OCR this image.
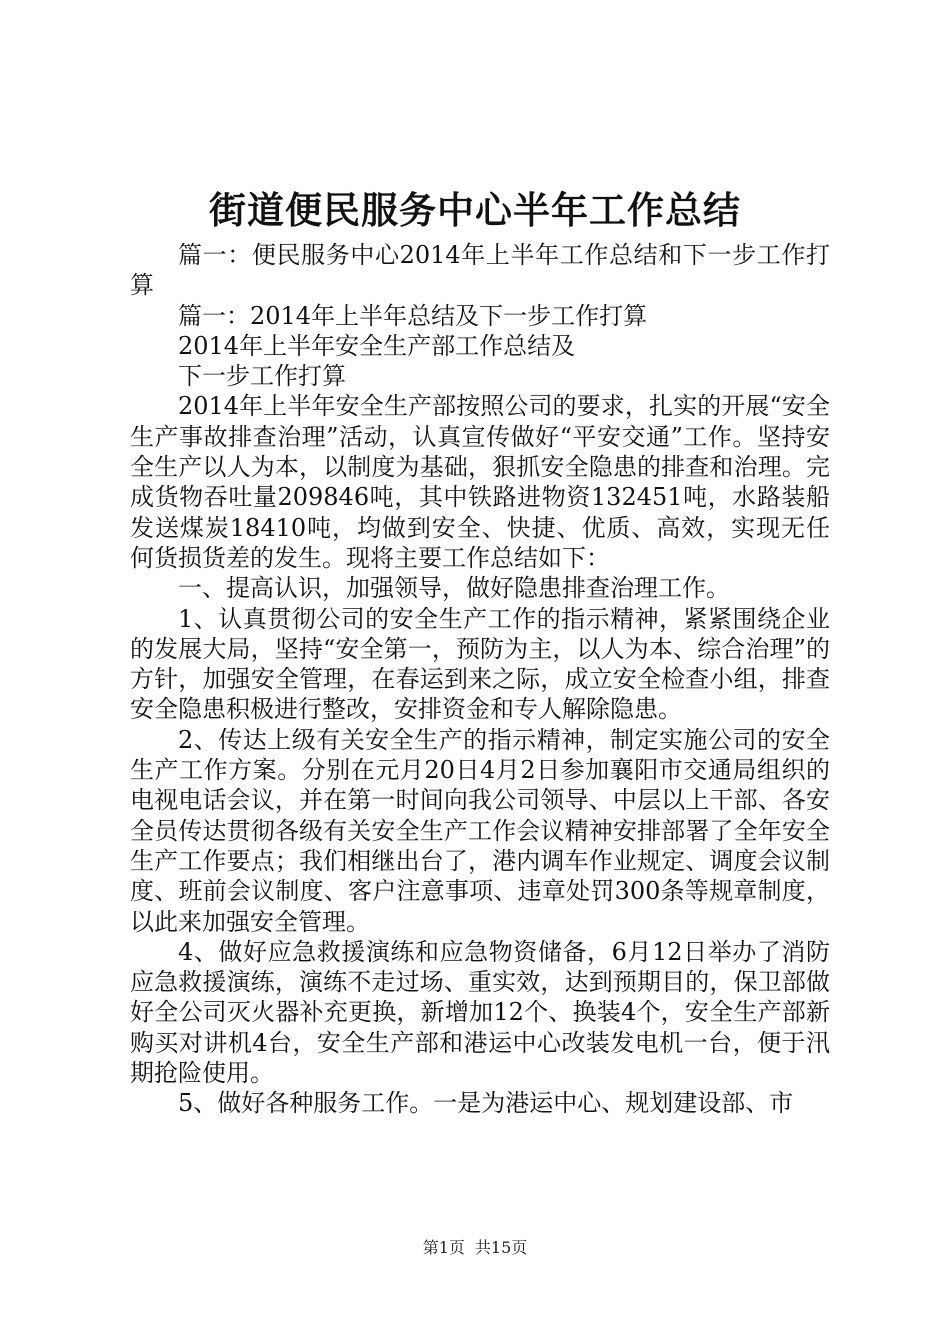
街道便民服务中心半年工作总结

篇一：便民服务中心2014年上半年工作总结和下一步工作打算

篇一：2014年上半年总结及下一步工作打算

2014年上半年安全生产部工作总结及

下一步工作打算

2014年上半年安全生产部按照公司的要求，扎实的开展“安全生产事故排查治理”活动，认真宣传做好“平安交通”工作。坚持安全生产以人为本，以制度为基础，狠抓安全隐患的排查和治理。完成货物吞吐量209846吨，其中铁路进物资132451吨，水路装船发送煤炭18410吨，均做到安全、快捷、优质、高效，实现无任何货损货差的发生。现将主要工作总结如下：

一、提高认识，加强领导，做好隐患排查治理工作。

1、认真贯彻公司的安全生产工作的指示精神，紧紧围绕企业的发展大局，坚持“安全第一，预防为主，以人为本、综合治理”的方针，加强安全管理，在春运到来之际，成立安全检查小组，排查安全隐患积极进行整改，安排资金和专人解除隐患。

2、传达上级有关安全生产的指示精神，制定实施公司的安全生产工作方案。分别在元月20日4月2日参加襄阳市交通局组织的电视电话会议，并在第一时间向我公司领导、中层以上干部、各安全员传达贯彻各级有关安全生产工作会议精神安排部署了全年安全生产工作要点；我们相继出台了，港内调车作业规定、调度会议制度、班前会议制度、客户注意事项、违章处罚300条等规章制度，以此来加强安全管理。

4、做好应急救援演练和应急物资储备，6月12日举办了消防应急救援演练，演练不走过场、重实效，达到预期目的，保卫部做好全公司灭火器补充更换，新增加12个、换装4个，安全生产部新购买对讲机4台，安全生产部和港运中心改装发电机一台，便于汛期抢险使用。

5、做好各种服务工作。一是为港运中心、规划建设部、市

第1页 共15页
